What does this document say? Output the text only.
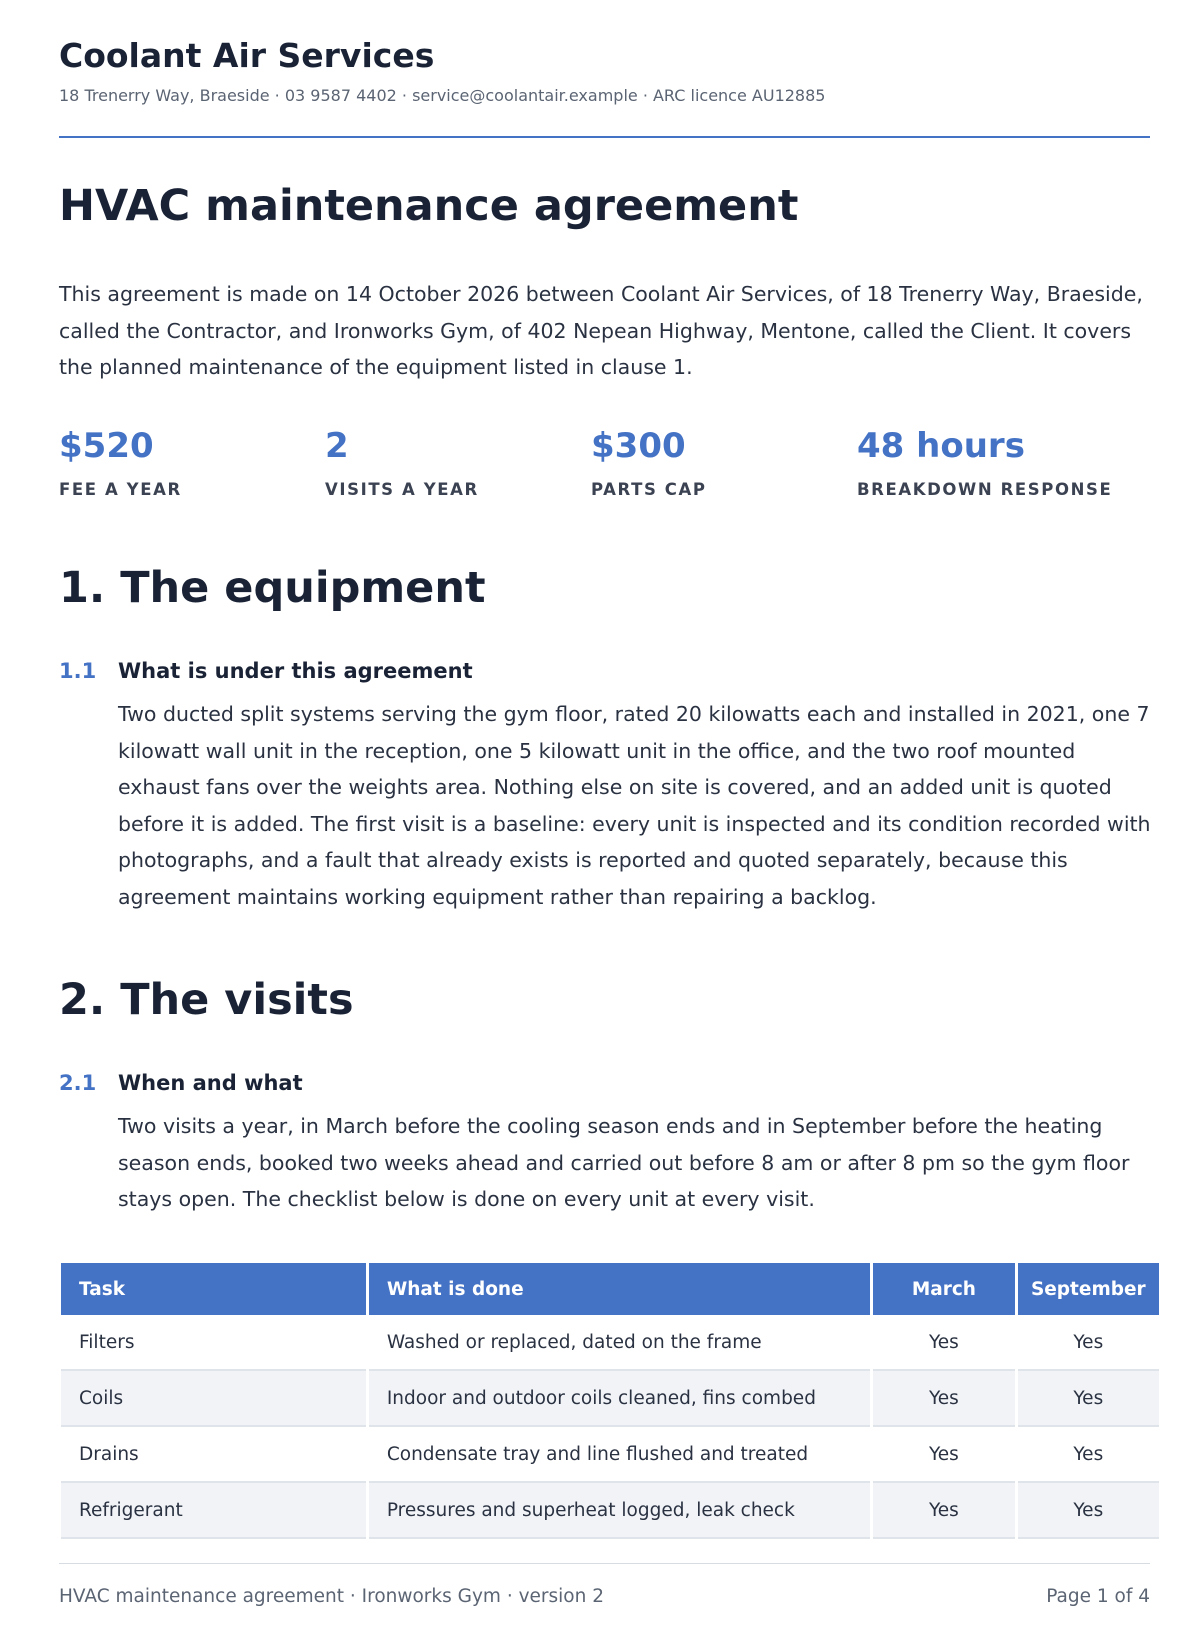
Coolant Air Services
18 Trenerry Way, Braeside · 03 9587 4402 · service@coolantair.example · ARC licence AU12885
HVAC maintenance agreement

This agreement is made on 14 October 2026 between Coolant Air Services, of 18 Trenerry Way, Braeside, called the Contractor, and Ironworks Gym, of 402 Nepean Highway, Mentone, called the Client. It covers the planned maintenance of the equipment listed in clause 1.

$520
FEE A YEAR
2
VISITS A YEAR
$300
PARTS CAP
48 hours
BREAKDOWN RESPONSE
1. The equipment
1.1 What is under this agreement

Two ducted split systems serving the gym floor, rated 20 kilowatts each and installed in 2021, one 7 kilowatt wall unit in the reception, one 5 kilowatt unit in the office, and the two roof mounted exhaust fans over the weights area. Nothing else on site is covered, and an added unit is quoted before it is added. The first visit is a baseline: every unit is inspected and its condition recorded with photographs, and a fault that already exists is reported and quoted separately, because this agreement maintains working equipment rather than repairing a backlog.

2. The visits
2.1 When and what

Two visits a year, in March before the cooling season ends and in September before the heating season ends, booked two weeks ahead and carried out before 8 am or after 8 pm so the gym floor stays open. The checklist below is done on every unit at every visit.

Task	What is done	March	September
Filters	Washed or replaced, dated on the frame	Yes	Yes
Coils	Indoor and outdoor coils cleaned, fins combed	Yes	Yes
Drains	Condensate tray and line flushed and treated	Yes	Yes
Refrigerant	Pressures and superheat logged, leak check	Yes	Yes
HVAC maintenance agreement · Ironworks Gym · version 2	Page 1 of 4
